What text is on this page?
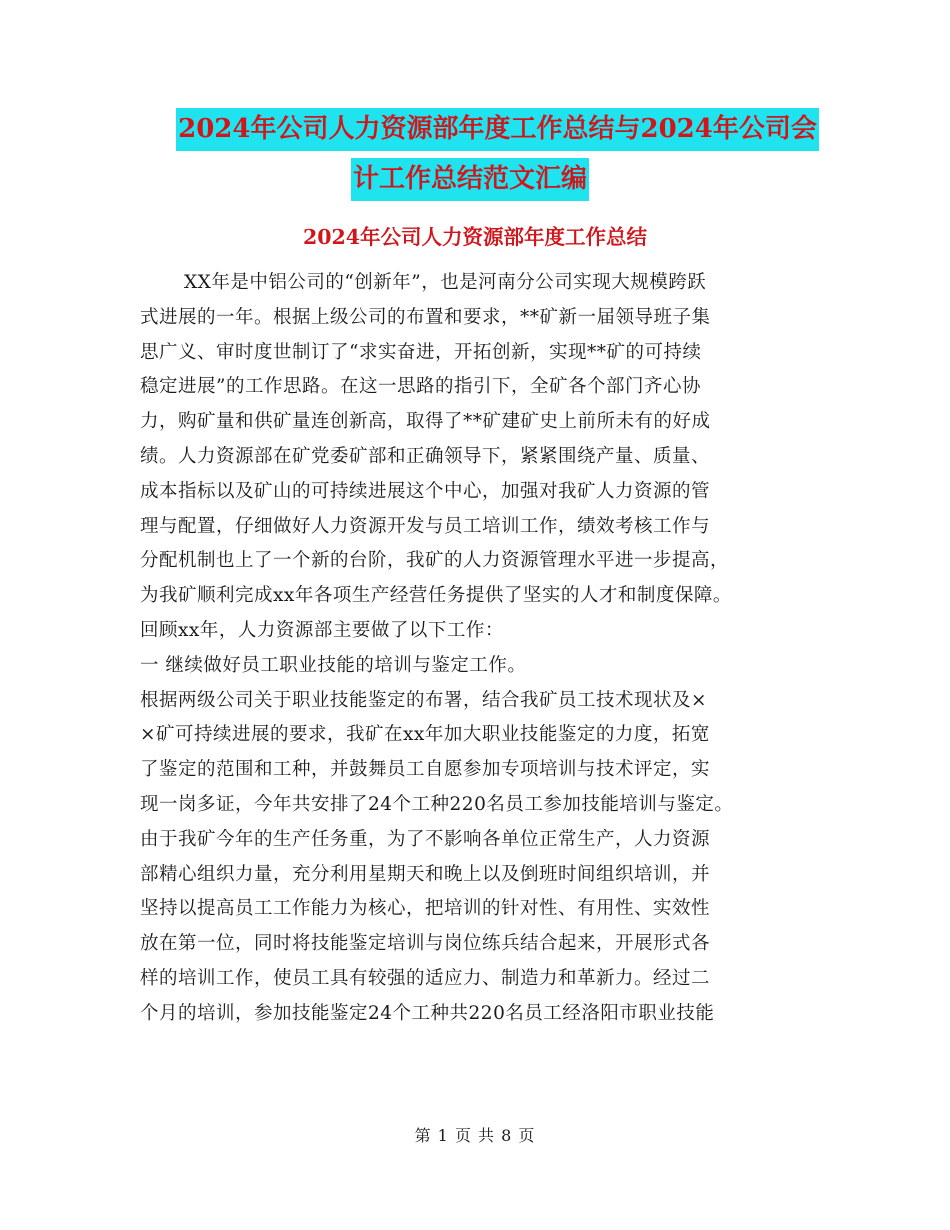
2024年公司人力资源部年度工作总结与2024年公司会
计工作总结范文汇编
2024年公司人力资源部年度工作总结
XX年是中铝公司的“创新年”，也是河南分公司实现大规模跨跃
式进展的一年。根据上级公司的布置和要求，**矿新一届领导班子集
思广义、审时度世制订了“求实奋进，开拓创新，实现**矿的可持续
稳定进展”的工作思路。在这一思路的指引下，全矿各个部门齐心协
力，购矿量和供矿量连创新高，取得了**矿建矿史上前所未有的好成
绩。人力资源部在矿党委矿部和正确领导下，紧紧围绕产量、质量、
成本指标以及矿山的可持续进展这个中心，加强对我矿人力资源的管
理与配置，仔细做好人力资源开发与员工培训工作，绩效考核工作与
分配机制也上了一个新的台阶，我矿的人力资源管理水平进一步提高，
为我矿顺利完成xx年各项生产经营任务提供了坚实的人才和制度保障。
回顾xx年，人力资源部主要做了以下工作：
一 继续做好员工职业技能的培训与鉴定工作。
根据两级公司关于职业技能鉴定的布署，结合我矿员工技术现状及×
×矿可持续进展的要求，我矿在xx年加大职业技能鉴定的力度，拓宽
了鉴定的范围和工种，并鼓舞员工自愿参加专项培训与技术评定，实
现一岗多证，今年共安排了24个工种220名员工参加技能培训与鉴定。
由于我矿今年的生产任务重，为了不影响各单位正常生产，人力资源
部精心组织力量，充分利用星期天和晚上以及倒班时间组织培训，并
坚持以提高员工工作能力为核心，把培训的针对性、有用性、实效性
放在第一位，同时将技能鉴定培训与岗位练兵结合起来，开展形式各
样的培训工作，使员工具有较强的适应力、制造力和革新力。经过二
个月的培训，参加技能鉴定24个工种共220名员工经洛阳市职业技能
第 1 页 共 8 页
